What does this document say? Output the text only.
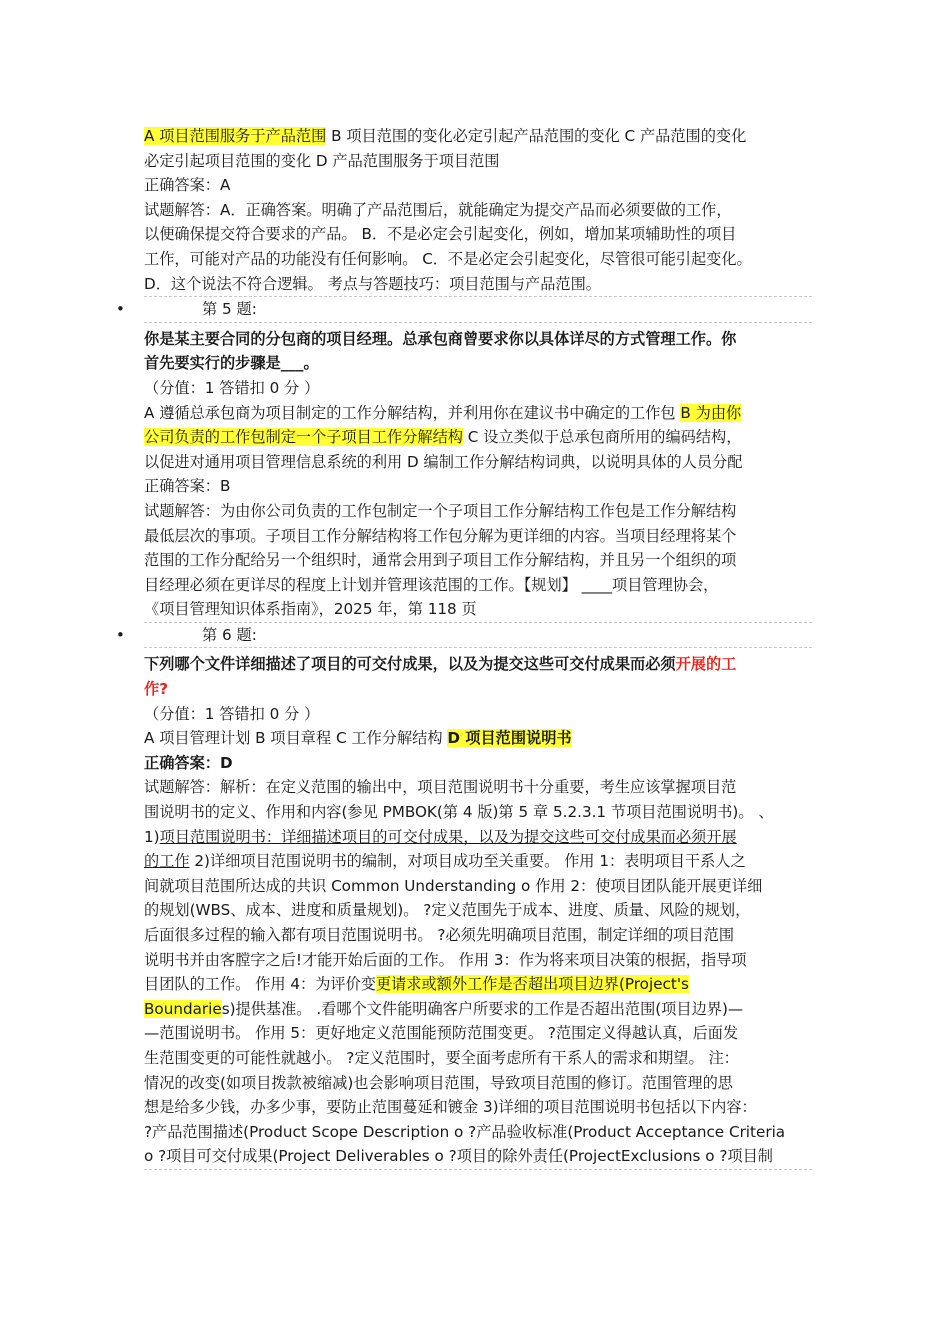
A 项目范围服务于产品范围 B 项目范围的变化必定引起产品范围的变化 C 产品范围的变化
必定引起项目范围的变化 D 产品范围服务于项目范围
正确答案：A
试题解答：A．正确答案。明确了产品范围后，就能确定为提交产品而必须要做的工作，
以便确保提交符合要求的产品。 B．不是必定会引起变化，例如，增加某项辅助性的项目
工作，可能对产品的功能没有任何影响。 C．不是必定会引起变化，尽管很可能引起变化。
D．这个说法不符合逻辑。 考点与答题技巧：项目范围与产品范围。
•	第 5 题:
你是某主要合同的分包商的项目经理。总承包商曾要求你以具体详尽的方式管理工作。你
首先要实行的步骤是___。
（分值：1 答错扣 0 分 ）
A 遵循总承包商为项目制定的工作分解结构，并利用你在建议书中确定的工作包 B 为由你
公司负责的工作包制定一个子项目工作分解结构 C 设立类似于总承包商所用的编码结构，
以促进对通用项目管理信息系统的利用 D 编制工作分解结构词典，以说明具体的人员分配
正确答案：B
试题解答：为由你公司负责的工作包制定一个子项目工作分解结构工作包是工作分解结构
最低层次的事项。子项目工作分解结构将工作包分解为更详细的内容。当项目经理将某个
范围的工作分配给另一个组织时，通常会用到子项目工作分解结构，并且另一个组织的项
目经理必须在更详尽的程度上计划并管理该范围的工作。【规划】 ____项目管理协会，
《项目管理知识体系指南》，2025 年，第 118 页
•	第 6 题:
下列哪个文件详细描述了项目的可交付成果，以及为提交这些可交付成果而必须开展的工
作?
（分值：1 答错扣 0 分 ）
A 项目管理计划 B 项目章程 C 工作分解结构 D 项目范围说明书
正确答案：D
试题解答：解析：在定义范围的输出中，项目范围说明书十分重要，考生应该掌握项目范
围说明书的定义、作用和内容(参见 PMBOK(第 4 版)第 5 章 5.2.3.1 节项目范围说明书)。 、
1)项目范围说明书：详细描述项目的可交付成果，以及为提交这些可交付成果而必须开展
的工作 2)详细项目范围说明书的编制，对项目成功至关重要。 作用 1：表明项目干系人之
间就项目范围所达成的共识 Common Understanding o 作用 2：使项目团队能开展更详细
的规划(WBS、成本、进度和质量规划)。 ?定义范围先于成本、进度、质量、风险的规划，
后面很多过程的输入都有项目范围说明书。 ?必须先明确项目范围，制定详细的项目范围
说明书并由客膛字之后!才能开始后面的工作。 作用 3：作为将来项目决策的根据，指导项
目团队的工作。 作用 4：为评价变更请求或额外工作是否超出项目边界(Project's
Boundaries)提供基准。 .看哪个文件能明确客户所要求的工作是否超出范围(项目边界)—
—范围说明书。 作用 5：更好地定义范围能预防范围变更。 ?范围定义得越认真，后面发
生范围变更的可能性就越小。 ?定义范围时，要全面考虑所有干系人的需求和期望。 注：
情况的改变(如项目拨款被缩减)也会影响项目范围，导致项目范围的修订。范围管理的思
想是给多少钱，办多少事，要防止范围蔓延和镀金 3)详细的项目范围说明书包括以下内容：
?产品范围描述(Product Scope Description o ?产品验收标准(Product Acceptance Criteria
o ?项目可交付成果(Project Deliverables o ?项目的除外责任(ProjectExclusions o ?项目制
